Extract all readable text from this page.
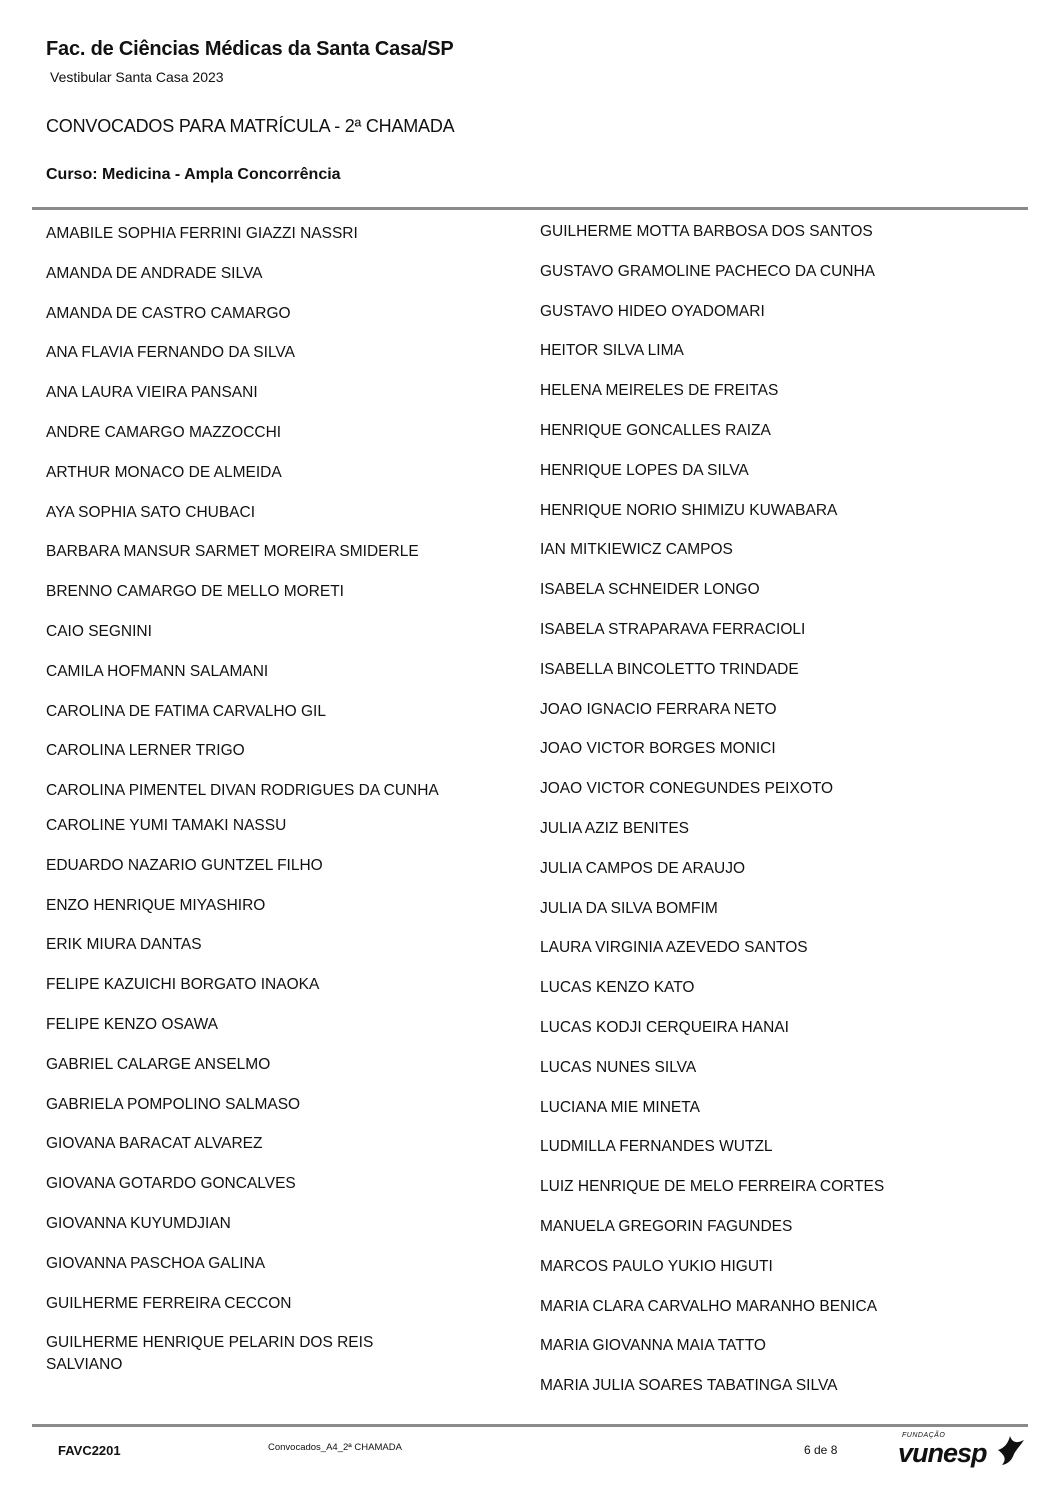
Fac. de Ciências Médicas da Santa Casa/SP
Vestibular Santa Casa 2023
CONVOCADOS PARA MATRÍCULA - 2ª CHAMADA
Curso: Medicina - Ampla Concorrência
AMABILE SOPHIA FERRINI GIAZZI NASSRI
AMANDA DE ANDRADE SILVA
AMANDA DE CASTRO CAMARGO
ANA FLAVIA FERNANDO DA SILVA
ANA LAURA VIEIRA PANSANI
ANDRE CAMARGO MAZZOCCHI
ARTHUR MONACO DE ALMEIDA
AYA SOPHIA SATO CHUBACI
BARBARA MANSUR SARMET MOREIRA SMIDERLE
BRENNO CAMARGO DE MELLO MORETI
CAIO SEGNINI
CAMILA HOFMANN SALAMANI
CAROLINA DE FATIMA CARVALHO GIL
CAROLINA LERNER TRIGO
CAROLINA PIMENTEL DIVAN RODRIGUES DA CUNHA
CAROLINE YUMI TAMAKI NASSU
EDUARDO NAZARIO GUNTZEL FILHO
ENZO HENRIQUE MIYASHIRO
ERIK MIURA DANTAS
FELIPE KAZUICHI BORGATO INAOKA
FELIPE KENZO OSAWA
GABRIEL CALARGE ANSELMO
GABRIELA POMPOLINO SALMASO
GIOVANA BARACAT ALVAREZ
GIOVANA GOTARDO GONCALVES
GIOVANNA KUYUMDJIAN
GIOVANNA PASCHOA GALINA
GUILHERME FERREIRA CECCON
GUILHERME HENRIQUE PELARIN DOS REIS SALVIANO
GUILHERME MOTTA BARBOSA DOS SANTOS
GUSTAVO GRAMOLINE PACHECO DA CUNHA
GUSTAVO HIDEO OYADOMARI
HEITOR SILVA LIMA
HELENA MEIRELES DE FREITAS
HENRIQUE GONCALLES RAIZA
HENRIQUE LOPES DA SILVA
HENRIQUE NORIO SHIMIZU KUWABARA
IAN MITKIEWICZ CAMPOS
ISABELA SCHNEIDER LONGO
ISABELA STRAPARAVA FERRACIOLI
ISABELLA BINCOLETTO TRINDADE
JOAO IGNACIO FERRARA NETO
JOAO VICTOR BORGES MONICI
JOAO VICTOR CONEGUNDES PEIXOTO
JULIA AZIZ BENITES
JULIA CAMPOS DE ARAUJO
JULIA DA SILVA BOMFIM
LAURA VIRGINIA AZEVEDO SANTOS
LUCAS KENZO KATO
LUCAS KODJI CERQUEIRA HANAI
LUCAS NUNES SILVA
LUCIANA MIE MINETA
LUDMILLA FERNANDES WUTZL
LUIZ HENRIQUE DE MELO FERREIRA CORTES
MANUELA GREGORIN FAGUNDES
MARCOS PAULO YUKIO HIGUTI
MARIA CLARA CARVALHO MARANHO BENICA
MARIA GIOVANNA MAIA TATTO
MARIA JULIA SOARES TABATINGA SILVA
FAVC2201	Convocados_A4_2ª CHAMADA	6 de 8
FUNDAÇÃO
vunesp
